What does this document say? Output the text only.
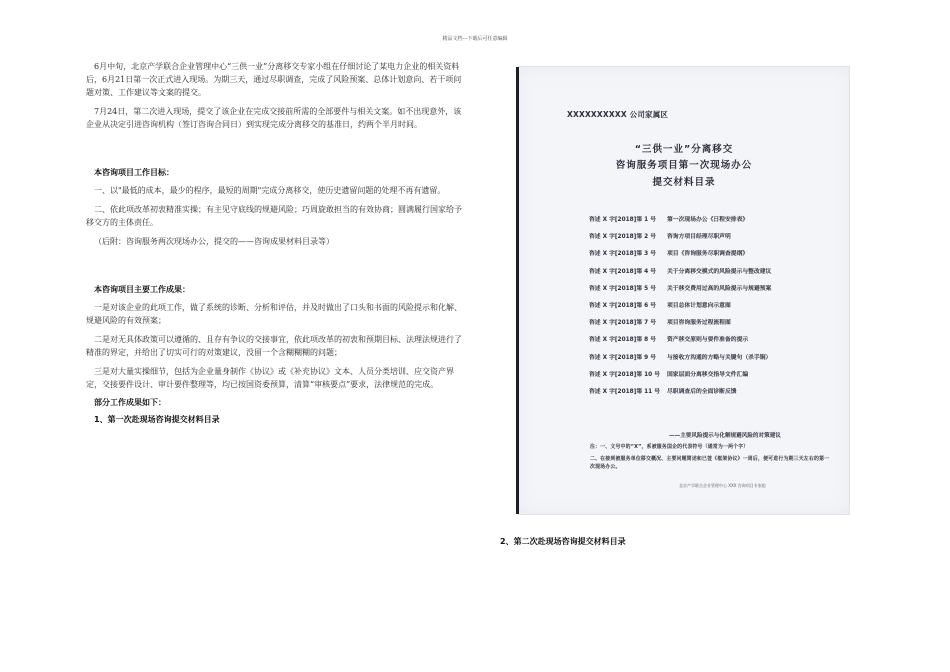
精品文档---下载后可任意编辑

6月中旬，北京产学联合企业管理中心“三供一业”分离移交专家小组在仔细讨论了某电力企业的相关资料后，6月21日第一次正式进入现场。为期三天，通过尽职调查，完成了风险预案、总体计划意向、若干项问题对策、工作建议等文案的提交。

7月24日，第二次进入现场，提交了该企业在完成交接前所需的全部要件与相关文案。如不出现意外，该企业从决定引进咨询机构（签订咨询合同日）到实现完成分离移交的基准日，约两个半月时间。

本咨询项目工作目标：

一、以"最低的成本，最少的程序，最短的周期"完成分离移交，使历史遗留问题的处理不再有遗留。

二、依此项改革初衷精准实操；有主见守底线的规避风险；巧周旋敢担当的有效协商；圆满履行国家给予移交方的主体责任。

（后附：咨询服务两次现场办公，提交的——咨询成果材料目录等）

本咨询项目主要工作成果：

一是对该企业的此项工作，做了系统的诊断、分析和评估，并及时做出了口头和书面的风险提示和化解、规避风险的有效预案；

二是对无具体政策可以遵循的、且存有争议的交接事宜，依此项改革的初衷和预期目标、法理法规进行了精准的界定，并给出了切实可行的对策建议，没留一个含糊糊糊的问题；

三是对大量实操细节，包括为企业量身制作《协议》或《补充协议》文本、人员分类培训、应交资产界定，交接要件设计、审计要件整理等，均已按国资委预算，清算“审核要点”要求，法律规范的完成。

部分工作成果如下：

1、第一次赴现场咨询提交材料目录

XXXXXXXXXX 公司家属区
“三供一业”分离移交
咨询服务项目第一次现场办公
提交材料目录
咨述 X 字[2018]第 1 号 第一次现场办公《日程安排表》
咨述 X 字[2018]第 2 号 咨询方项目经理尽职声明
咨述 X 字[2018]第 3 号 项目《咨询服务尽职调查提纲》
咨述 X 字[2018]第 4 号 关于分离移交模式的风险提示与整改建议
咨述 X 字[2018]第 5 号 关于移交费用过高的风险提示与规避预案
咨述 X 字[2018]第 6 号 项目总体计划意向示意图
咨述 X 字[2018]第 7 号 项目咨询服务过程流程图
咨述 X 字[2018]第 8 号 资产移交原则与要件准备的提示
咨述 X 字[2018]第 9 号 与接收方沟通的方略与关键句（杀手锏）
咨述 X 字[2018]第 10 号 国家层面分离移交指导文件汇编
咨述 X 字[2018]第 11 号 尽职调查后的全面诊断反馈
——主要风险提示与化解规避风险的对策建议
注：一、文号中的“X”，系被服务国企的代表符号（通常为一两个字）
二、在接到被服务单位移交概况、主要问题简述和已签《框架协议》一周后，便可进行为期三天左右的第一次现场办公。
北京产学联合企业管理中心 XXX 咨询项目专家组
2、第二次赴现场咨询提交材料目录
